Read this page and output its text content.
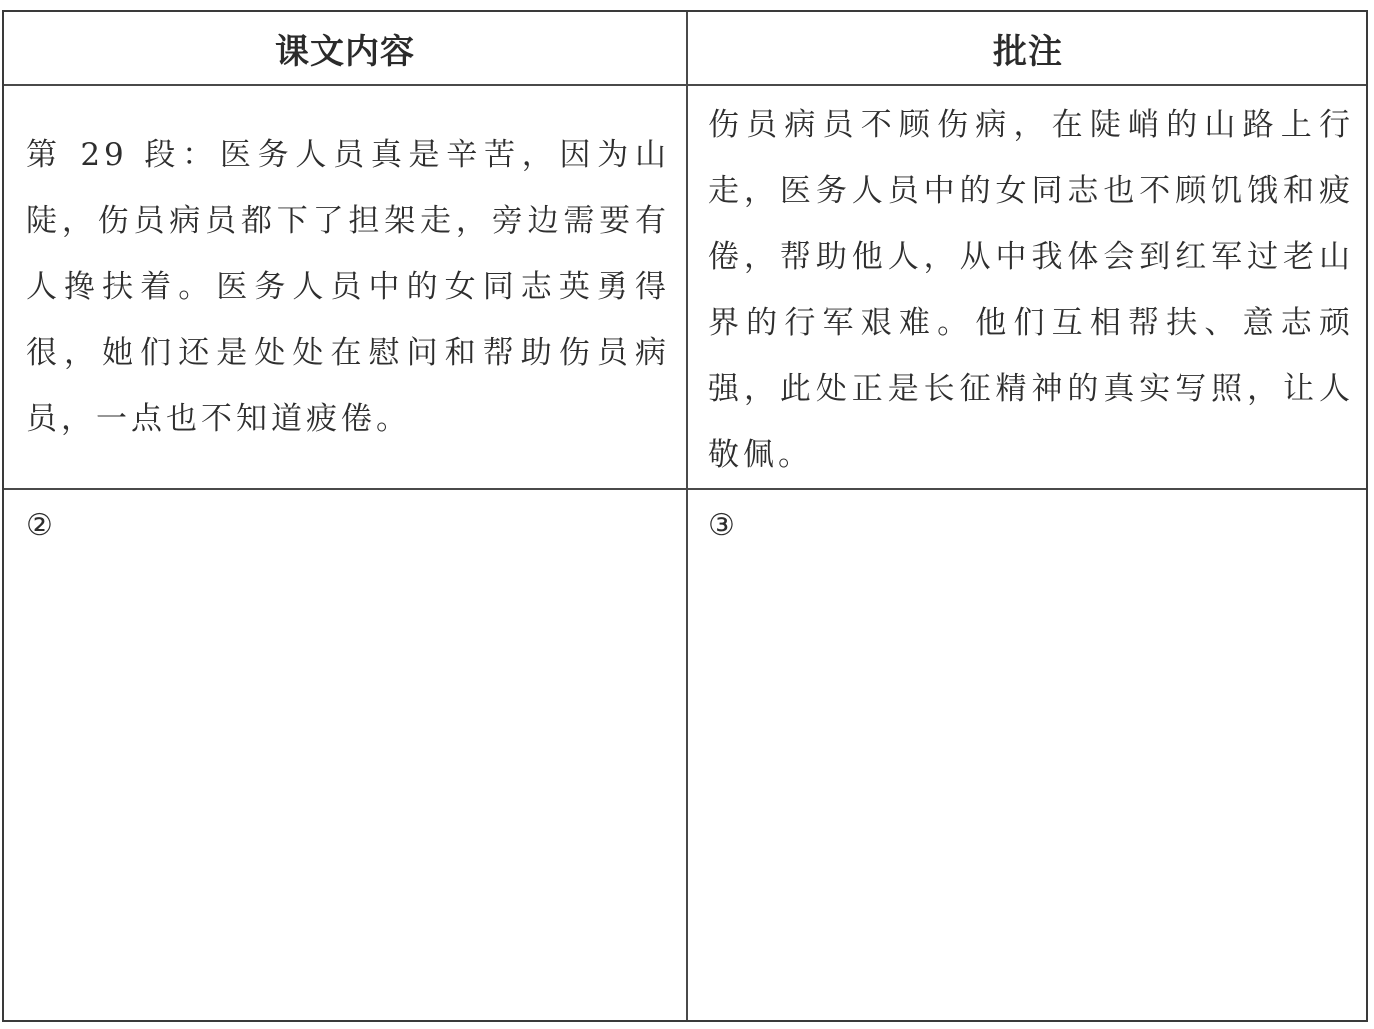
课文内容	批注
第 29 段：医务人员真是辛苦，因为山陡，伤员病员都下了担架走，旁边需要有人搀扶着。医务人员中的女同志英勇得很，她们还是处处在慰问和帮助伤员病员，一点也不知道疲倦。
伤员病员不顾伤病，在陡峭的山路上行走，医务人员中的女同志也不顾饥饿和疲倦，帮助他人，从中我体会到红军过老山界的行军艰难。他们互相帮扶、意志顽强，此处正是长征精神的真实写照，让人敬佩。
②	③
